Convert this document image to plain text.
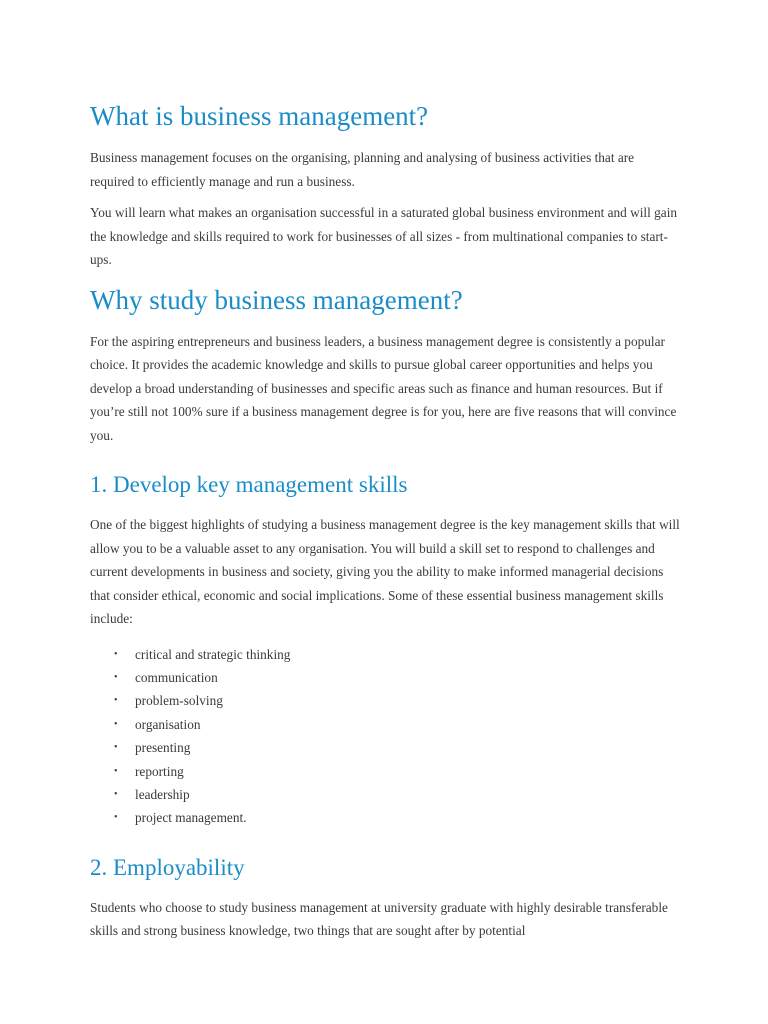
What is business management?

Business management focuses on the organising, planning and analysing of business activities that are required to efficiently manage and run a business.

You will learn what makes an organisation successful in a saturated global business environment and will gain the knowledge and skills required to work for businesses of all sizes - from multinational companies to start-ups.

Why study business management?

For the aspiring entrepreneurs and business leaders, a business management degree is consistently a popular choice. It provides the academic knowledge and skills to pursue global career opportunities and helps you develop a broad understanding of businesses and specific areas such as finance and human resources. But if you’re still not 100% sure if a business management degree is for you, here are five reasons that will convince you.

1. Develop key management skills

One of the biggest highlights of studying a business management degree is the key management skills that will allow you to be a valuable asset to any organisation. You will build a skill set to respond to challenges and current developments in business and society, giving you the ability to make informed managerial decisions that consider ethical, economic and social implications. Some of these essential business management skills include:

• critical and strategic thinking
• communication
• problem-solving
• organisation
• presenting
• reporting
• leadership
• project management.
2. Employability

Students who choose to study business management at university graduate with highly desirable transferable skills and strong business knowledge, two things that are sought after by potential
